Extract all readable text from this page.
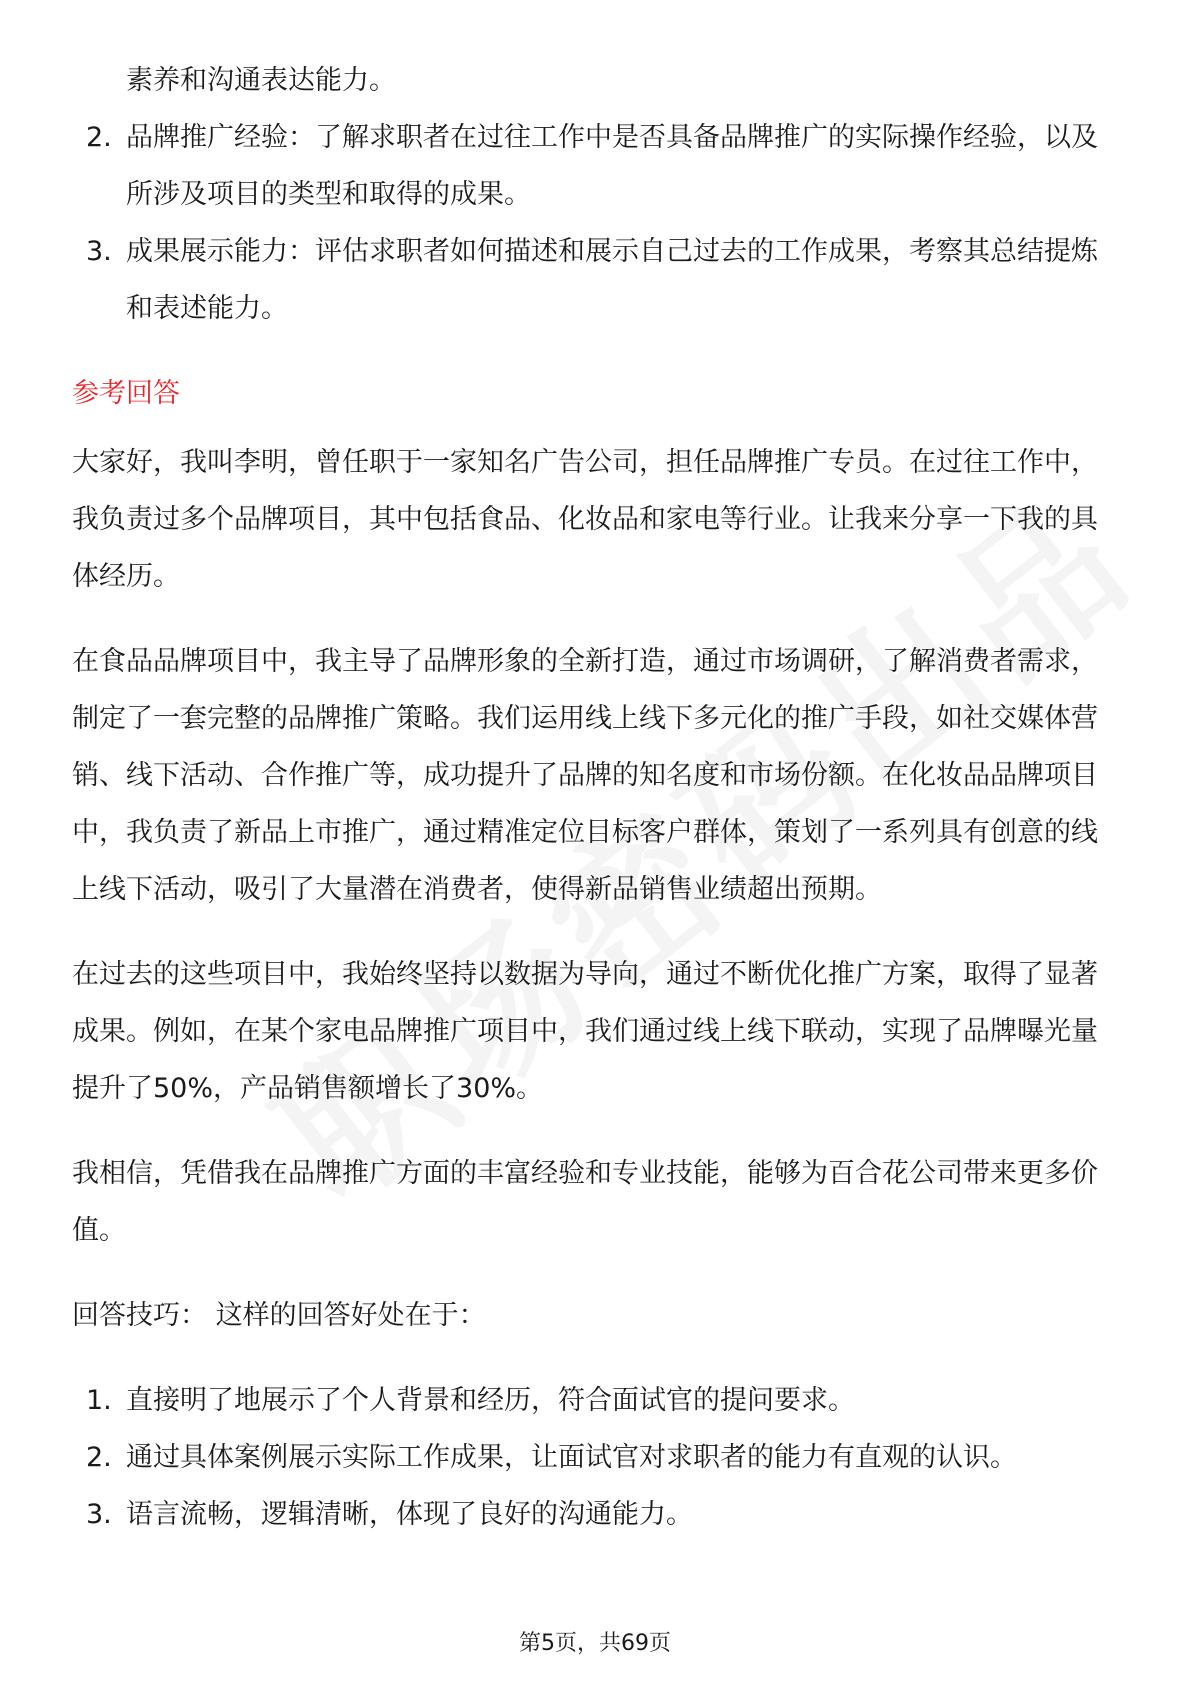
素养和沟通表达能力。

2. 品牌推广经验：了解求职者在过往工作中是否具备品牌推广的实际操作经验，以及所涉及项目的类型和取得的成果。
3. 成果展示能力：评估求职者如何描述和展示自己过去的工作成果，考察其总结提炼和表述能力。
参考回答

大家好，我叫李明，曾任职于一家知名广告公司，担任品牌推广专员。在过往工作中，我负责过多个品牌项目，其中包括食品、化妆品和家电等行业。让我来分享一下我的具体经历。

在食品品牌项目中，我主导了品牌形象的全新打造，通过市场调研，了解消费者需求，制定了一套完整的品牌推广策略。我们运用线上线下多元化的推广手段，如社交媒体营销、线下活动、合作推广等，成功提升了品牌的知名度和市场份额。在化妆品品牌项目中，我负责了新品上市推广，通过精准定位目标客户群体，策划了一系列具有创意的线上线下活动，吸引了大量潜在消费者，使得新品销售业绩超出预期。

在过去的这些项目中，我始终坚持以数据为导向，通过不断优化推广方案，取得了显著成果。例如，在某个家电品牌推广项目中，我们通过线上线下联动，实现了品牌曝光量提升了50%，产品销售额增长了30%。

我相信，凭借我在品牌推广方面的丰富经验和专业技能，能够为百合花公司带来更多价值。

回答技巧： 这样的回答好处在于：

1. 直接明了地展示了个人背景和经历，符合面试官的提问要求。
2. 通过具体案例展示实际工作成果，让面试官对求职者的能力有直观的认识。
3. 语言流畅，逻辑清晰，体现了良好的沟通能力。
第5页，共69页
